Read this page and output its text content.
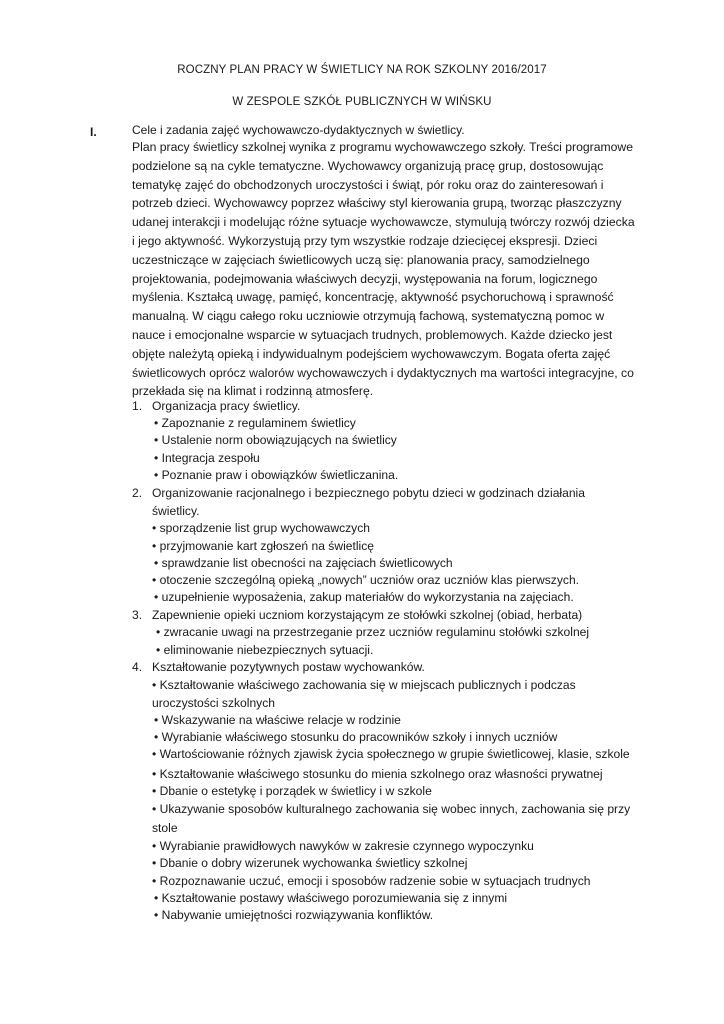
ROCZNY PLAN PRACY W ŚWIETLICY NA ROK SZKOLNY 2016/2017
W ZESPOLE SZKÓŁ PUBLICZNYCH W WIŃSKU
I.	Cele i zadania zajęć wychowawczo-dydaktycznych w świetlicy.
Plan pracy świetlicy szkolnej wynika z programu wychowawczego szkoły. Treści programowe
podzielone są na cykle tematyczne. Wychowawcy organizują pracę grup, dostosowując
tematykę zajęć do obchodzonych uroczystości i świąt, pór roku oraz do zainteresowań i
potrzeb dzieci. Wychowawcy poprzez właściwy styl kierowania grupą, tworząc płaszczyzny
udanej interakcji i modelując różne sytuacje wychowawcze, stymulują twórczy rozwój dziecka
i jego aktywność. Wykorzystują przy tym wszystkie rodzaje dziecięcej ekspresji. Dzieci
uczestniczące w zajęciach świetlicowych uczą się: planowania pracy, samodzielnego
projektowania, podejmowania właściwych decyzji, występowania na forum, logicznego
myślenia. Kształcą uwagę, pamięć, koncentrację, aktywność psychoruchową i sprawność
manualną. W ciągu całego roku uczniowie otrzymują fachową, systematyczną pomoc w
nauce i emocjonalne wsparcie w sytuacjach trudnych, problemowych. Każde dziecko jest
objęte należytą opieką i indywidualnym podejściem wychowawczym. Bogata oferta zajęć
świetlicowych oprócz walorów wychowawczych i dydaktycznych ma wartości integracyjne, co
przekłada się na klimat i rodzinną atmosferę.
1. Organizacja pracy świetlicy.
• Zapoznanie z regulaminem świetlicy
• Ustalenie norm obowiązujących na świetlicy
• Integracja zespołu
• Poznanie praw i obowiązków świetliczanina.
2. Organizowanie racjonalnego i bezpiecznego pobytu dzieci w godzinach działania
świetlicy.
• sporządzenie list grup wychowawczych
• przyjmowanie kart zgłoszeń na świetlicę
• sprawdzanie list obecności na zajęciach świetlicowych
• otoczenie szczególną opieką „nowych” uczniów oraz uczniów klas pierwszych.
• uzupełnienie wyposażenia, zakup materiałów do wykorzystania na zajęciach.
3. Zapewnienie opieki uczniom korzystającym ze stołówki szkolnej (obiad, herbata)
• zwracanie uwagi na przestrzeganie przez uczniów regulaminu stołówki szkolnej
• eliminowanie niebezpiecznych sytuacji.
4. Kształtowanie pozytywnych postaw wychowanków.
• Kształtowanie właściwego zachowania się w miejscach publicznych i podczas
uroczystości szkolnych
• Wskazywanie na właściwe relacje w rodzinie
• Wyrabianie właściwego stosunku do pracowników szkoły i innych uczniów
• Wartościowanie różnych zjawisk życia społecznego w grupie świetlicowej, klasie, szkole
• Kształtowanie właściwego stosunku do mienia szkolnego oraz własności prywatnej
• Dbanie o estetykę i porządek w świetlicy i w szkole
• Ukazywanie sposobów kulturalnego zachowania się wobec innych, zachowania się przy
stole
• Wyrabianie prawidłowych nawyków w zakresie czynnego wypoczynku
• Dbanie o dobry wizerunek wychowanka świetlicy szkolnej
• Rozpoznawanie uczuć, emocji i sposobów radzenie sobie w sytuacjach trudnych
• Kształtowanie postawy właściwego porozumiewania się z innymi
• Nabywanie umiejętności rozwiązywania konfliktów.
